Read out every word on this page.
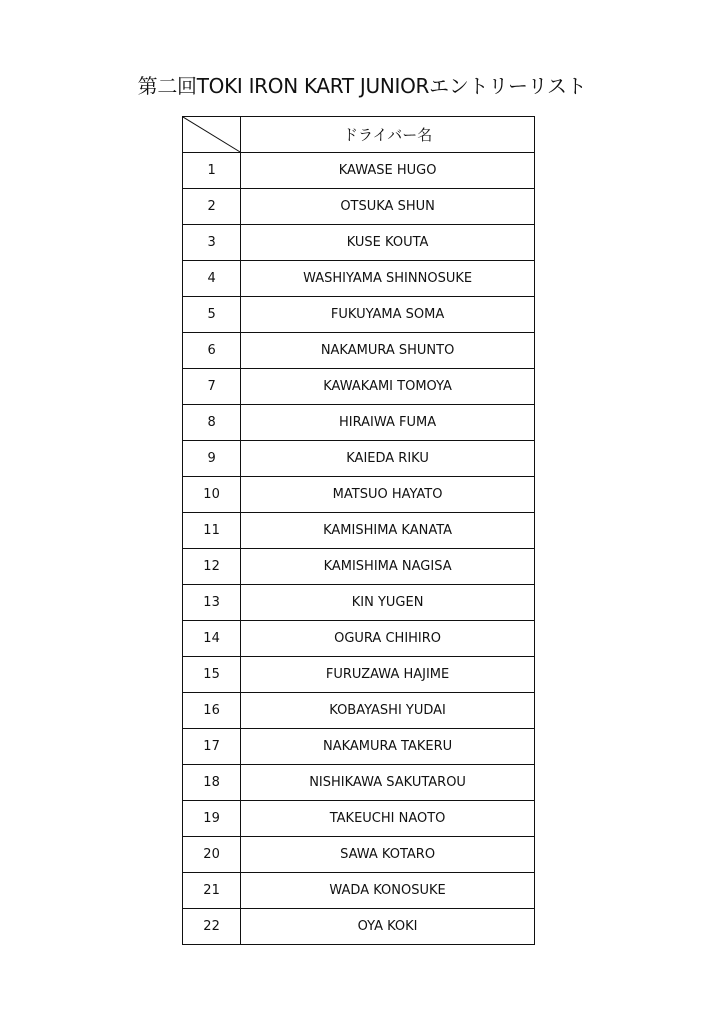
第二回TOKI IRON KART JUNIORエントリーリスト
	ドライバー名
1	KAWASE HUGO
2	OTSUKA SHUN
3	KUSE KOUTA
4	WASHIYAMA SHINNOSUKE
5	FUKUYAMA SOMA
6	NAKAMURA SHUNTO
7	KAWAKAMI TOMOYA
8	HIRAIWA FUMA
9	KAIEDA RIKU
10	MATSUO HAYATO
11	KAMISHIMA KANATA
12	KAMISHIMA NAGISA
13	KIN YUGEN
14	OGURA CHIHIRO
15	FURUZAWA HAJIME
16	KOBAYASHI YUDAI
17	NAKAMURA TAKERU
18	NISHIKAWA SAKUTAROU
19	TAKEUCHI NAOTO
20	SAWA KOTARO
21	WADA KONOSUKE
22	OYA KOKI
